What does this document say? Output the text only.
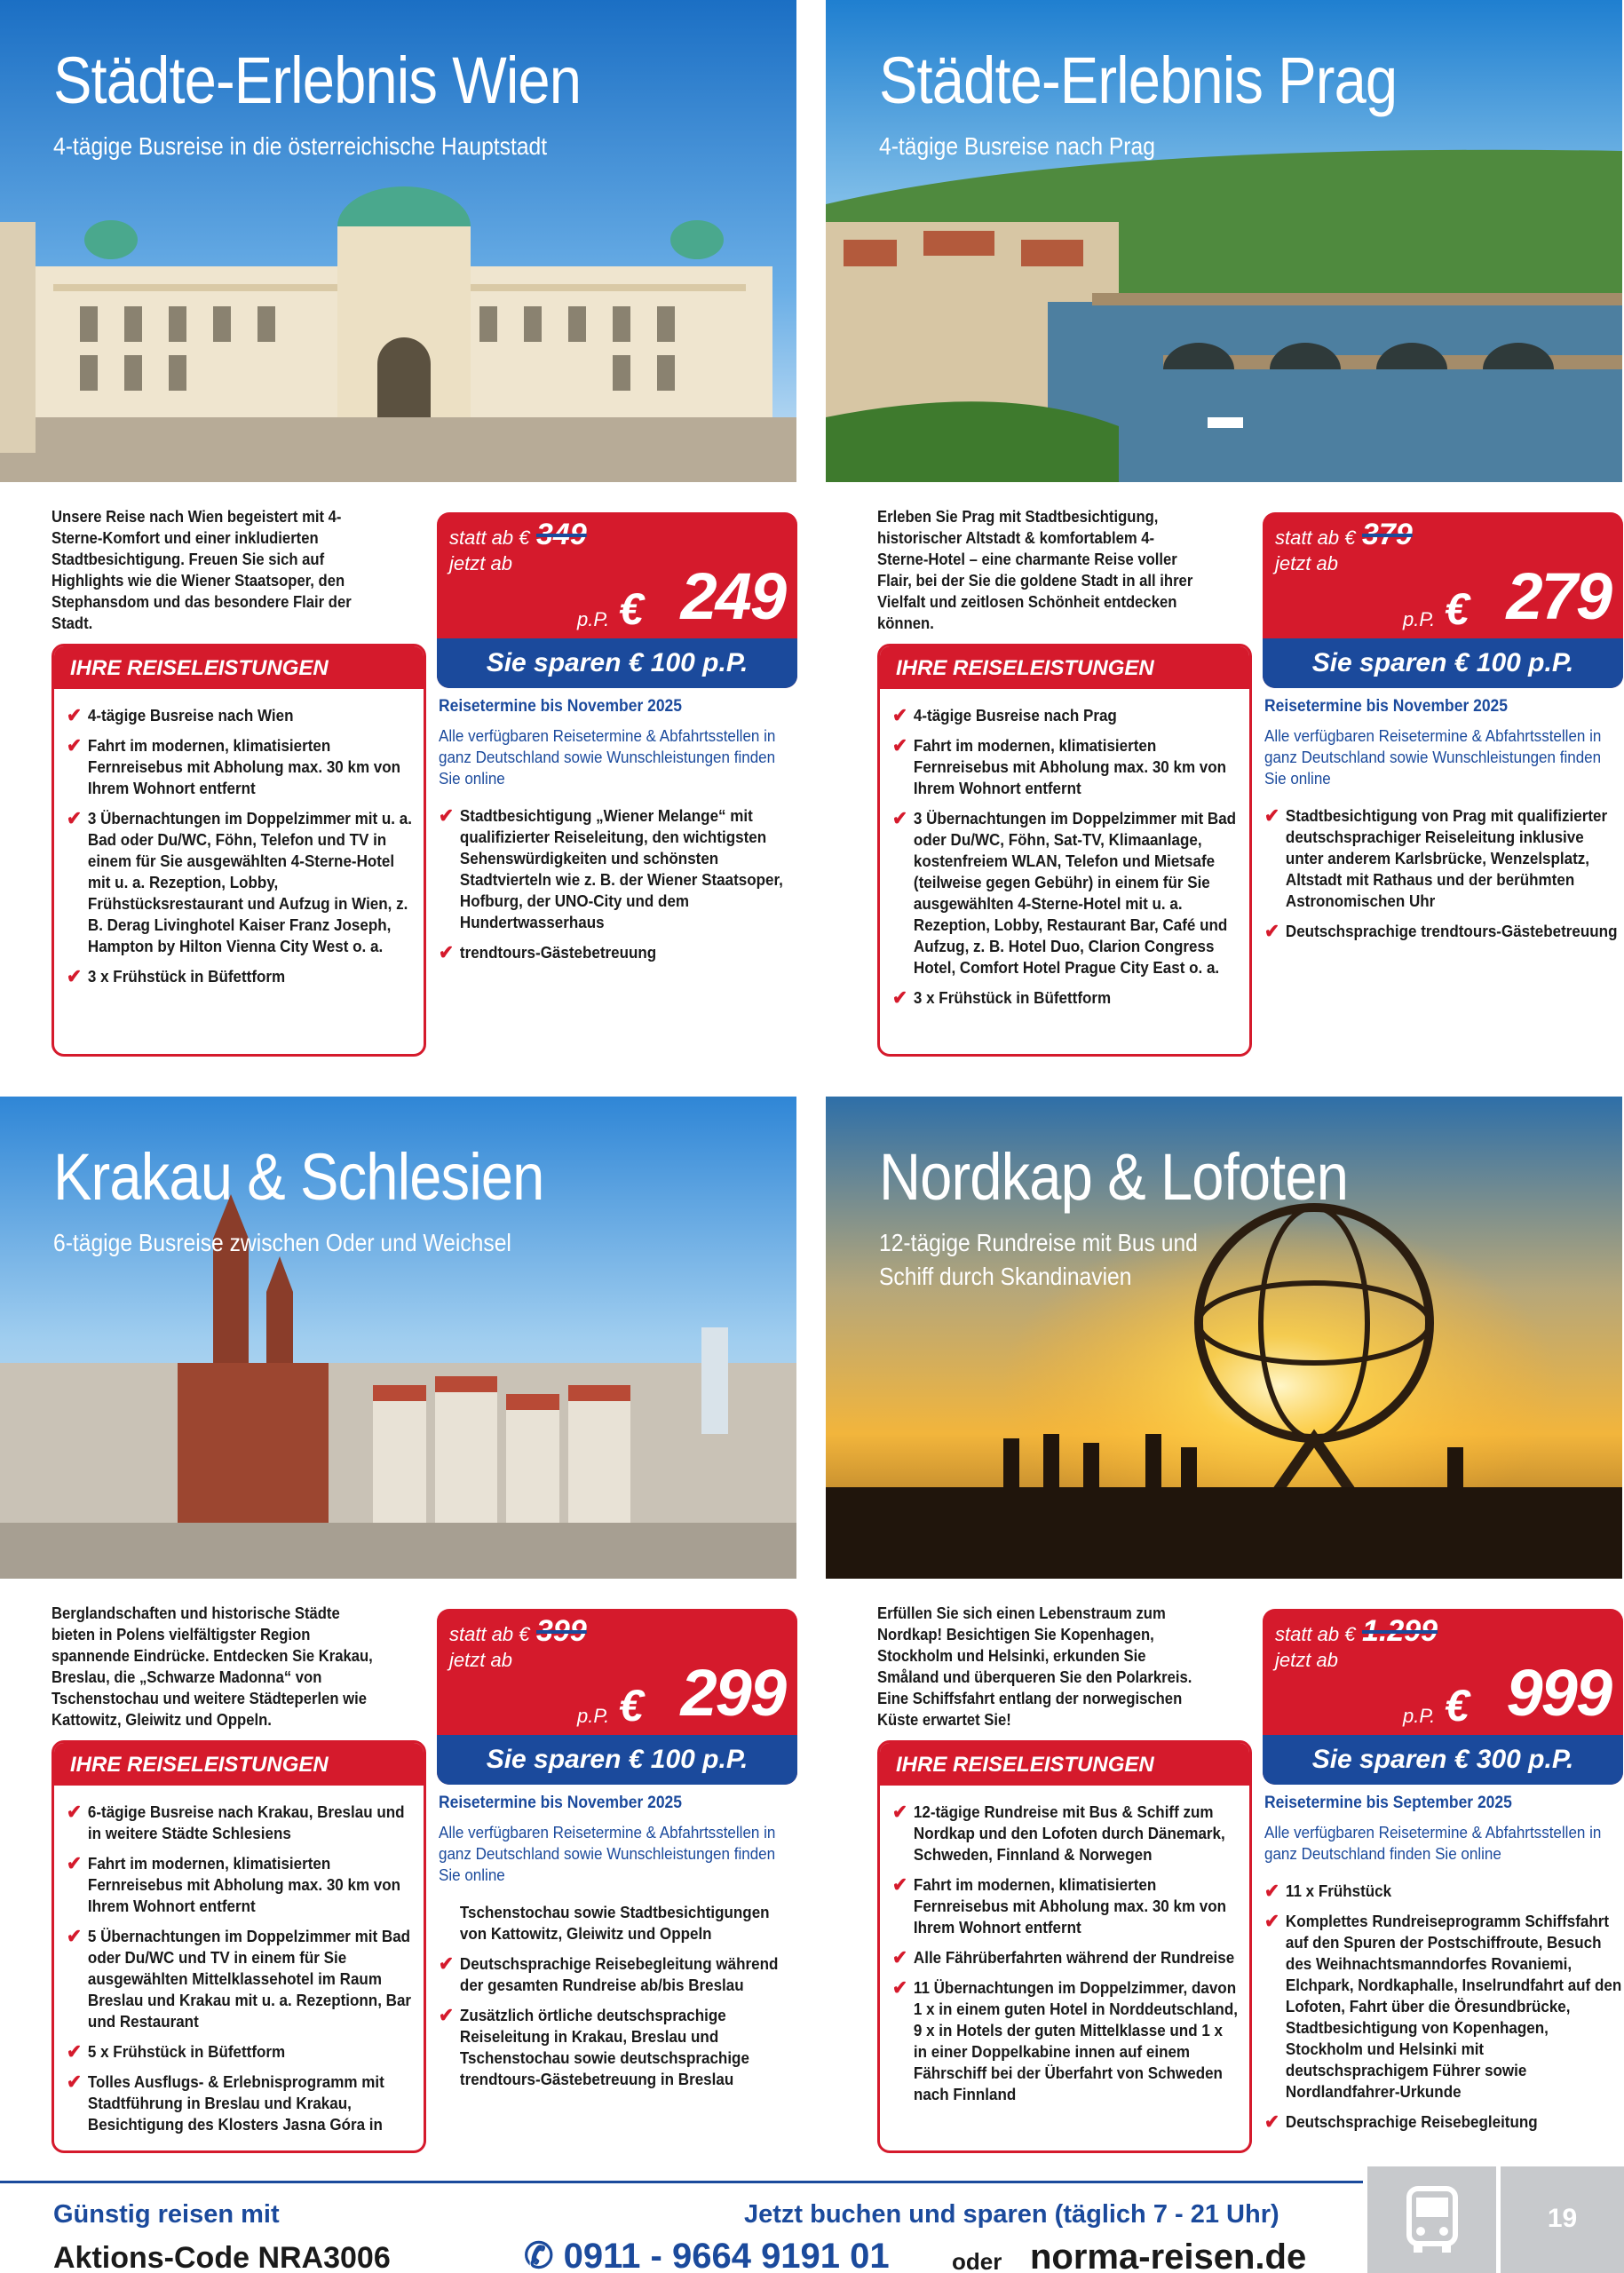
Städte-Erlebnis Wien
4-tägige Busreise in die österreichische Hauptstadt

Unsere Reise nach Wien begeistert mit 4-Sterne-Komfort und einer inkludierten Stadtbesichtigung. Freuen Sie sich auf Highlights wie die Wiener Staatsoper, den Stephansdom und das besondere Flair der Stadt.

statt ab € 349
jetzt ab
p.P. € 249
Sie sparen € 100 p.P.
IHRE REISELEISTUNGEN
✔ 4-tägige Busreise nach Wien
✔ Fahrt im modernen, klimatisierten Fernreisebus mit Abholung max. 30 km von Ihrem Wohnort entfernt
✔ 3 Übernachtungen im Doppelzimmer mit u. a. Bad oder Du/WC, Föhn, Telefon und TV in einem für Sie ausgewählten 4-Sterne-Hotel mit u. a. Rezeption, Lobby, Frühstücksrestaurant und Aufzug in Wien, z. B. Derag Livinghotel Kaiser Franz Joseph, Hampton by Hilton Vienna City West o. a.
✔ 3 x Frühstück in Büfettform
Reisetermine bis November 2025
Alle verfügbaren Reisetermine & Abfahrtsstellen in ganz Deutschland sowie Wunschleistungen finden Sie online
✔ Stadtbesichtigung „Wiener Melange“ mit qualifizierter Reiseleitung, den wichtigsten Sehenswürdigkeiten und schönsten Stadtvierteln wie z. B. der Wiener Staatsoper, Hofburg, der UNO-City und dem Hundertwasserhaus
✔ trendtours-Gästebetreuung
Städte-Erlebnis Prag
4-tägige Busreise nach Prag

Erleben Sie Prag mit Stadtbesichtigung, historischer Altstadt & komfortablem 4-Sterne-Hotel – eine charmante Reise voller Flair, bei der Sie die goldene Stadt in all ihrer Vielfalt und zeitlosen Schönheit entdecken können.

statt ab € 379
jetzt ab
p.P. € 279
Sie sparen € 100 p.P.
IHRE REISELEISTUNGEN
✔ 4-tägige Busreise nach Prag
✔ Fahrt im modernen, klimatisierten Fernreisebus mit Abholung max. 30 km von Ihrem Wohnort entfernt
✔ 3 Übernachtungen im Doppelzimmer mit Bad oder Du/WC, Föhn, Sat-TV, Klimaanlage, kostenfreiem WLAN, Telefon und Mietsafe (teilweise gegen Gebühr) in einem für Sie ausgewählten 4-Sterne-Hotel mit u. a. Rezeption, Lobby, Restaurant Bar, Café und Aufzug, z. B. Hotel Duo, Clarion Congress Hotel, Comfort Hotel Prague City East o. a.
✔ 3 x Frühstück in Büfettform
Reisetermine bis November 2025
Alle verfügbaren Reisetermine & Abfahrtsstellen in ganz Deutschland sowie Wunschleistungen finden Sie online
✔ Stadtbesichtigung von Prag mit qualifizierter deutschsprachiger Reiseleitung inklusive unter anderem Karlsbrücke, Wenzelsplatz, Altstadt mit Rathaus und der berühmten Astronomischen Uhr
✔ Deutschsprachige trendtours-Gästebetreuung
Krakau & Schlesien
6-tägige Busreise zwischen Oder und Weichsel

Berglandschaften und historische Städte bieten in Polens vielfältigster Region spannende Eindrücke. Entdecken Sie Krakau, Breslau, die „Schwarze Madonna“ von Tschenstochau und weitere Städteperlen wie Kattowitz, Gleiwitz und Oppeln.

statt ab € 399
jetzt ab
p.P. € 299
Sie sparen € 100 p.P.
IHRE REISELEISTUNGEN
✔ 6-tägige Busreise nach Krakau, Breslau und in weitere Städte Schlesiens
✔ Fahrt im modernen, klimatisierten Fernreisebus mit Abholung max. 30 km von Ihrem Wohnort entfernt
✔ 5 Übernachtungen im Doppelzimmer mit Bad oder Du/WC und TV in einem für Sie ausgewählten Mittelklassehotel im Raum Breslau und Krakau mit u. a. Rezeptionn, Bar und Restaurant
✔ 5 x Frühstück in Büfettform
✔ Tolles Ausflugs- & Erlebnisprogramm mit Stadtführung in Breslau und Krakau, Besichtigung des Klosters Jasna Góra in
Reisetermine bis November 2025
Alle verfügbaren Reisetermine & Abfahrtsstellen in ganz Deutschland sowie Wunschleistungen finden Sie online
Tschenstochau sowie Stadtbesichtigungen von Kattowitz, Gleiwitz und Oppeln
✔ Deutschsprachige Reisebegleitung während der gesamten Rundreise ab/bis Breslau
✔ Zusätzlich örtliche deutschsprachige Reiseleitung in Krakau, Breslau und Tschenstochau sowie deutschsprachige trendtours-Gästebetreuung in Breslau
Nordkap & Lofoten
12-tägige Rundreise mit Bus und Schiff durch Skandinavien

Erfüllen Sie sich einen Lebenstraum zum Nordkap! Besichtigen Sie Kopenhagen, Stockholm und Helsinki, erkunden Sie Småland und überqueren Sie den Polarkreis. Eine Schiffsfahrt entlang der norwegischen Küste erwartet Sie!

statt ab € 1.299
jetzt ab
p.P. € 999
Sie sparen € 300 p.P.
IHRE REISELEISTUNGEN
✔ 12-tägige Rundreise mit Bus & Schiff zum Nordkap und den Lofoten durch Dänemark, Schweden, Finnland & Norwegen
✔ Fahrt im modernen, klimatisierten Fernreisebus mit Abholung max. 30 km von Ihrem Wohnort entfernt
✔ Alle Fährüberfahrten während der Rundreise
✔ 11 Übernachtungen im Doppelzimmer, davon 1 x in einem guten Hotel in Norddeutschland, 9 x in Hotels der guten Mittelklasse und 1 x in einer Doppelkabine innen auf einem Fährschiff bei der Überfahrt von Schweden nach Finnland
Reisetermine bis September 2025
Alle verfügbaren Reisetermine & Abfahrtsstellen in ganz Deutschland finden Sie online
✔ 11 x Frühstück
✔ Komplettes Rundreiseprogramm Schiffsfahrt auf den Spuren der Postschiffroute, Besuch des Weihnachtsmanndorfes Rovaniemi, Elchpark, Nordkaphalle, Inselrundfahrt auf den Lofoten, Fahrt über die Öresundbrücke, Stadtbesichtigung von Kopenhagen, Stockholm und Helsinki mit deutschsprachigem Führer sowie Nordlandfahrer-Urkunde
✔ Deutschsprachige Reisebegleitung
Günstig reisen mit
Aktions-Code NRA3006
Jetzt buchen und sparen (täglich 7 - 21 Uhr)
✆ 0911 - 9664 9191 01	oder norma-reisen.de
19
